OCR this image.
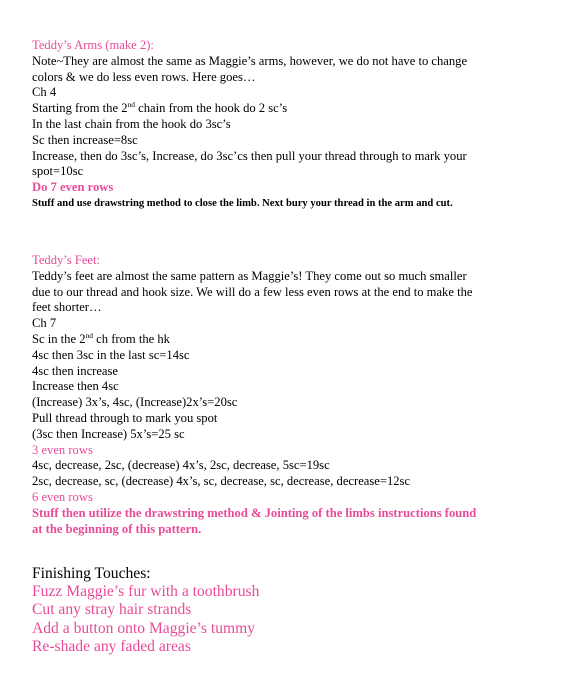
Teddy’s Arms (make 2):
Note~They are almost the same as Maggie’s arms, however, we do not have to change
colors & we do less even rows. Here goes…
Ch 4
Starting from the 2nd chain from the hook do 2 sc’s
In the last chain from the hook do 3sc’s
Sc then increase=8sc
Increase, then do 3sc’s, Increase, do 3sc’cs then pull your thread through to mark your
spot=10sc
Do 7 even rows
Stuff and use drawstring method to close the limb. Next bury your thread in the arm and cut.
Teddy’s Feet:
Teddy’s feet are almost the same pattern as Maggie’s! They come out so much smaller
due to our thread and hook size. We will do a few less even rows at the end to make the
feet shorter…
Ch 7
Sc in the 2nd ch from the hk
4sc then 3sc in the last sc=14sc
4sc then increase
Increase then 4sc
(Increase) 3x’s, 4sc, (Increase)2x’s=20sc
Pull thread through to mark you spot
(3sc then Increase) 5x’s=25 sc
3 even rows
4sc, decrease, 2sc, (decrease) 4x’s, 2sc, decrease, 5sc=19sc
2sc, decrease, sc, (decrease) 4x’s, sc, decrease, sc, decrease, decrease=12sc
6 even rows
Stuff then utilize the drawstring method & Jointing of the limbs instructions found
at the beginning of this pattern.
Finishing Touches:
Fuzz Maggie’s fur with a toothbrush
Cut any stray hair strands
Add a button onto Maggie’s tummy
Re-shade any faded areas
